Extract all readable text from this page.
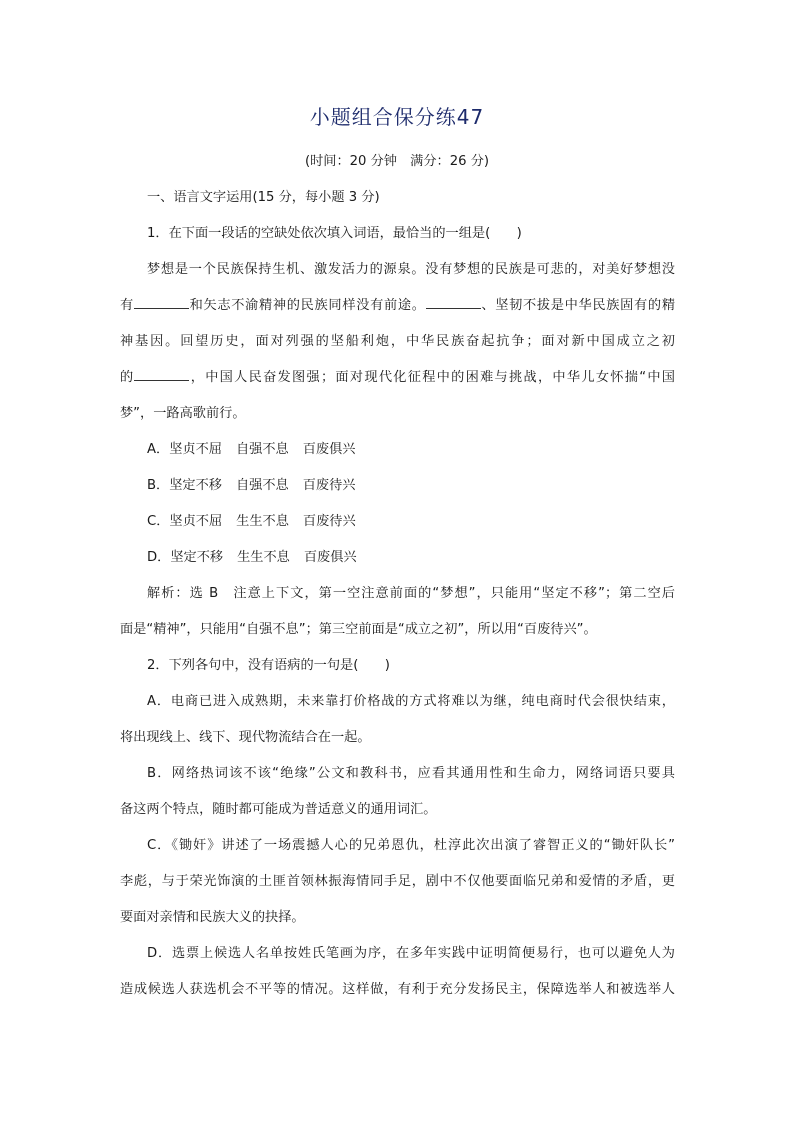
小题组合保分练47
(时间：20 分钟　满分：26 分)
一、语言文字运用(15 分，每小题 3 分)
1．在下面一段话的空缺处依次填入词语，最恰当的一组是(　　)
梦想是一个民族保持生机、激发活力的源泉。没有梦想的民族是可悲的，对美好梦想没
有	和矢志不渝精神的民族同样没有前途。	、坚韧不拔是中华民族固有的精
神基因。回望历史，面对列强的坚船利炮，中华民族奋起抗争；面对新中国成立之初
的	，中国人民奋发图强；面对现代化征程中的困难与挑战，中华儿女怀揣“中国
梦”，一路高歌前行。
A．坚贞不屈 自强不息 百废俱兴
B．坚定不移 自强不息 百废待兴
C．坚贞不屈 生生不息 百废待兴
D．坚定不移 生生不息 百废俱兴
解析：选 B　注意上下文，第一空注意前面的“梦想”，只能用“坚定不移”；第二空后
面是“精神”，只能用“自强不息”；第三空前面是“成立之初”，所以用“百废待兴”。
2．下列各句中，没有语病的一句是(　　)
A．电商已进入成熟期，未来靠打价格战的方式将难以为继，纯电商时代会很快结束，
将出现线上、线下、现代物流结合在一起。
B．网络热词该不该“绝缘”公文和教科书，应看其通用性和生命力，网络词语只要具
备这两个特点，随时都可能成为普适意义的通用词汇。
C．《锄奸》讲述了一场震撼人心的兄弟恩仇，杜淳此次出演了睿智正义的“锄奸队长”
李彪，与于荣光饰演的土匪首领林振海情同手足，剧中不仅他要面临兄弟和爱情的矛盾，更
要面对亲情和民族大义的抉择。
D．选票上候选人名单按姓氏笔画为序，在多年实践中证明简便易行，也可以避免人为
造成候选人获选机会不平等的情况。这样做，有利于充分发扬民主，保障选举人和被选举人
